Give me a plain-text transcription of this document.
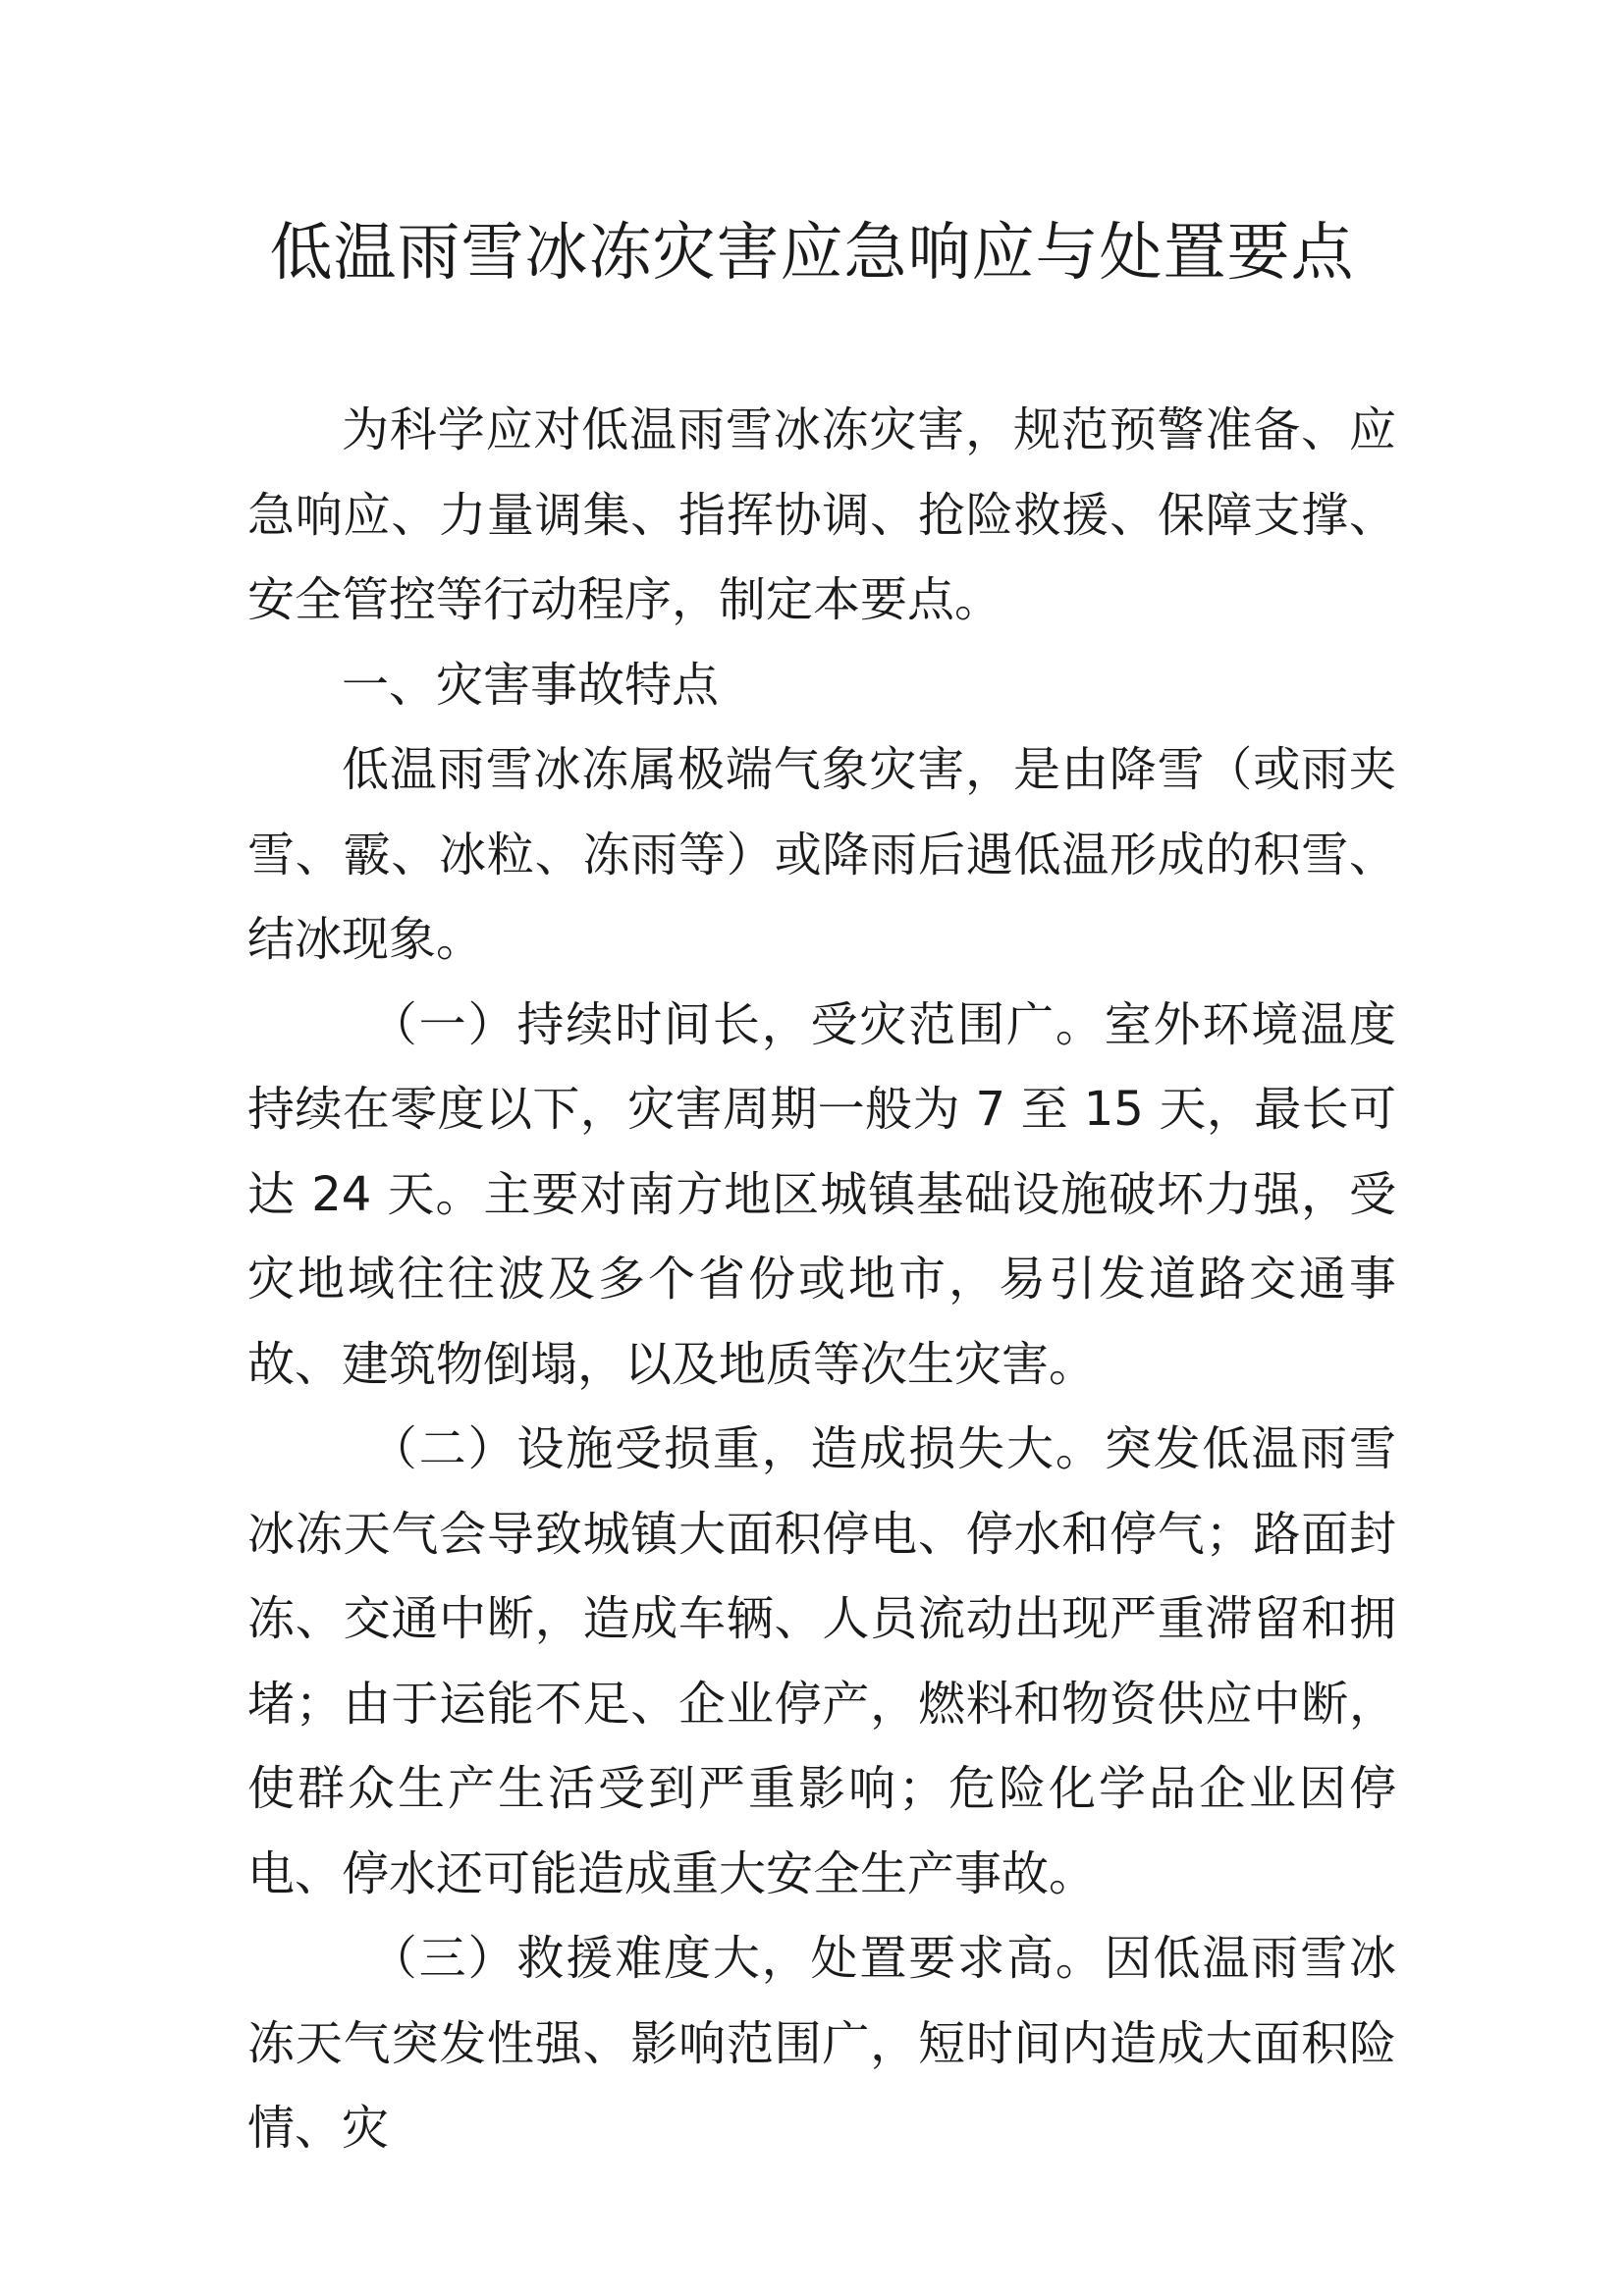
低温雨雪冰冻灾害应急响应与处置要点

为科学应对低温雨雪冰冻灾害，规范预警准备、应急响应、力量调集、指挥协调、抢险救援、保障支撑、安全管控等行动程序，制定本要点。

一、灾害事故特点

低温雨雪冰冻属极端气象灾害，是由降雪（或雨夹雪、霰、冰粒、冻雨等）或降雨后遇低温形成的积雪、结冰现象。

（一）持续时间长，受灾范围广。室外环境温度持续在零度以下，灾害周期一般为 7 至 15 天，最长可达 24 天。主要对南方地区城镇基础设施破坏力强，受灾地域往往波及多个省份或地市，易引发道路交通事故、建筑物倒塌，以及地质等次生灾害。

（二）设施受损重，造成损失大。突发低温雨雪冰冻天气会导致城镇大面积停电、停水和停气；路面封冻、交通中断，造成车辆、人员流动出现严重滞留和拥堵；由于运能不足、企业停产，燃料和物资供应中断，使群众生产生活受到严重影响；危险化学品企业因停电、停水还可能造成重大安全生产事故。

（三）救援难度大，处置要求高。因低温雨雪冰冻天气突发性强、影响范围广，短时间内造成大面积险情、灾
